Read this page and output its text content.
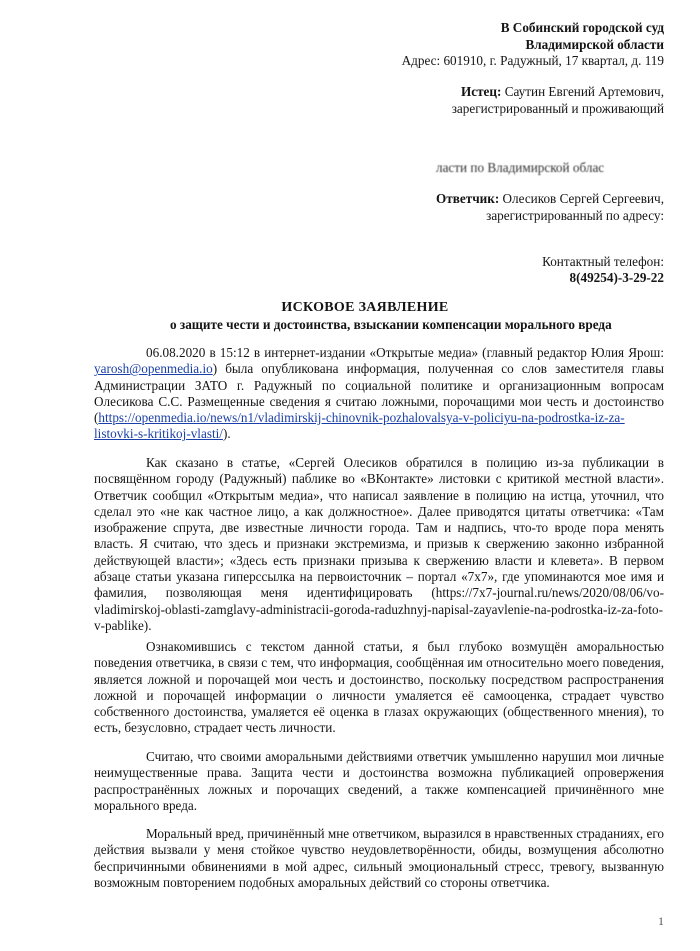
В Собинский городской суд
Владимирской области
Адрес: 601910, г. Радужный, 17 квартал, д. 119
Истец: Саутин Евгений Артемович,
зарегистрированный и проживающий
ласти по Владимирской облас
Ответчик: Олесиков Сергей Сергеевич,
зарегистрированный по адресу:
Контактный телефон:
8(49254)-3-29-22
ИСКОВОЕ ЗАЯВЛЕНИЕ
о защите чести и достоинства, взыскании компенсации морального вреда

06.08.2020 в 15:12 в интернет-издании «Открытые медиа» (главный редактор Юлия Ярош: yarosh@openmedia.io) была опубликована информация, полученная со слов заместителя главы Администрации ЗАТО г. Радужный по социальной политике и организационным вопросам Олесикова С.С. Размещенные сведения я считаю ложными, порочащими мои честь и достоинство (https://openmedia.io/news/n1/vladimirskij-chinovnik-pozhalovalsya-v-policiyu-na-podrostka-iz-za-listovki-s-kritikoj-vlasti/).

Как сказано в статье, «Сергей Олесиков обратился в полицию из-за публикации в посвящённом городу (Радужный) паблике во «ВКонтакте» листовки с критикой местной власти». Ответчик сообщил «Открытым медиа», что написал заявление в полицию на истца, уточнил, что сделал это «не как частное лицо, а как должностное». Далее приводятся цитаты ответчика: «Там изображение спрута, две известные личности города. Там и надпись, что-то вроде пора менять власть. Я считаю, что здесь и признаки экстремизма, и призыв к свержению законно избранной действующей власти»; «Здесь есть признаки призыва к свержению власти и клевета». В первом абзаце статьи указана гиперссылка на первоисточник – портал «7х7», где упоминаются мое имя и фамилия, позволяющая меня идентифицировать (https://7x7-journal.ru/news/2020/08/06/vo-vladimirskoj-oblasti-zamglavy-administracii-goroda-raduzhnyj-napisal-zayavlenie-na-podrostka-iz-za-foto-v-pablike).

Ознакомившись с текстом данной статьи, я был глубоко возмущён аморальностью поведения ответчика, в связи с тем, что информация, сообщённая им относительно моего поведения, является ложной и порочащей мои честь и достоинство, поскольку посредством распространения ложной и порочащей информации о личности умаляется её самооценка, страдает чувство собственного достоинства, умаляется её оценка в глазах окружающих (общественного мнения), то есть, безусловно, страдает честь личности.

Считаю, что своими аморальными действиями ответчик умышленно нарушил мои личные неимущественные права. Защита чести и достоинства возможна публикацией опровержения распространённых ложных и порочащих сведений, а также компенсацией причинённого мне морального вреда.

Моральный вред, причинённый мне ответчиком, выразился в нравственных страданиях, его действия вызвали у меня стойкое чувство неудовлетворённости, обиды, возмущения абсолютно беспричинными обвинениями в мой адрес, сильный эмоциональный стресс, тревогу, вызванную возможным повторением подобных аморальных действий со стороны ответчика.

1
